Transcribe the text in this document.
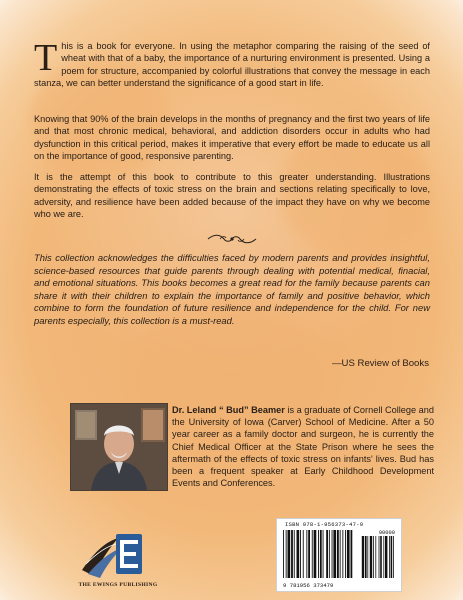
This is a book for everyone. In using the metaphor comparing the raising of the seed of wheat with that of a baby, the importance of a nurturing environment is presented. Using a poem for structure, accompanied by colorful illustrations that convey the message in each stanza, we can better understand the significance of a good start in life.
Knowing that 90% of the brain develops in the months of pregnancy and the first two years of life and that most chronic medical, behavioral, and addiction disorders occur in adults who had dysfunction in this critical period, makes it imperative that every effort be made to educate us all on the importance of good, responsive parenting.
It is the attempt of this book to contribute to this greater understanding. Illustrations demonstrating the effects of toxic stress on the brain and sections relating specifically to love, adversity, and resilience have been added because of the impact they have on why we become who we are.
This collection acknowledges the difficulties faced by modern parents and provides insightful, science-based resources that guide parents through dealing with potential medical, finacial, and emotional situations. This books becomes a great read for the family because parents can share it with their children to explain the importance of family and positive behavior, which combine to form the foundation of future resilience and independence for the child. For new parents especially, this collection is a must-read.
—US Review of Books
Dr. Leland “ Bud” Beamer is a graduate of Cornell College and the University of Iowa (Carver) School of Medicine. After a 50 year career as a family doctor and surgeon, he is currently the Chief Medical Officer at the State Prison where he sees the aftermath of the effects of toxic stress on infants' lives. Bud has been a frequent speaker at Early Childhood Development Events and Conferences.
THE EWINGS PUBLISHING
ISBN 978-1-956373-47-9
90000
9 781956 373479
